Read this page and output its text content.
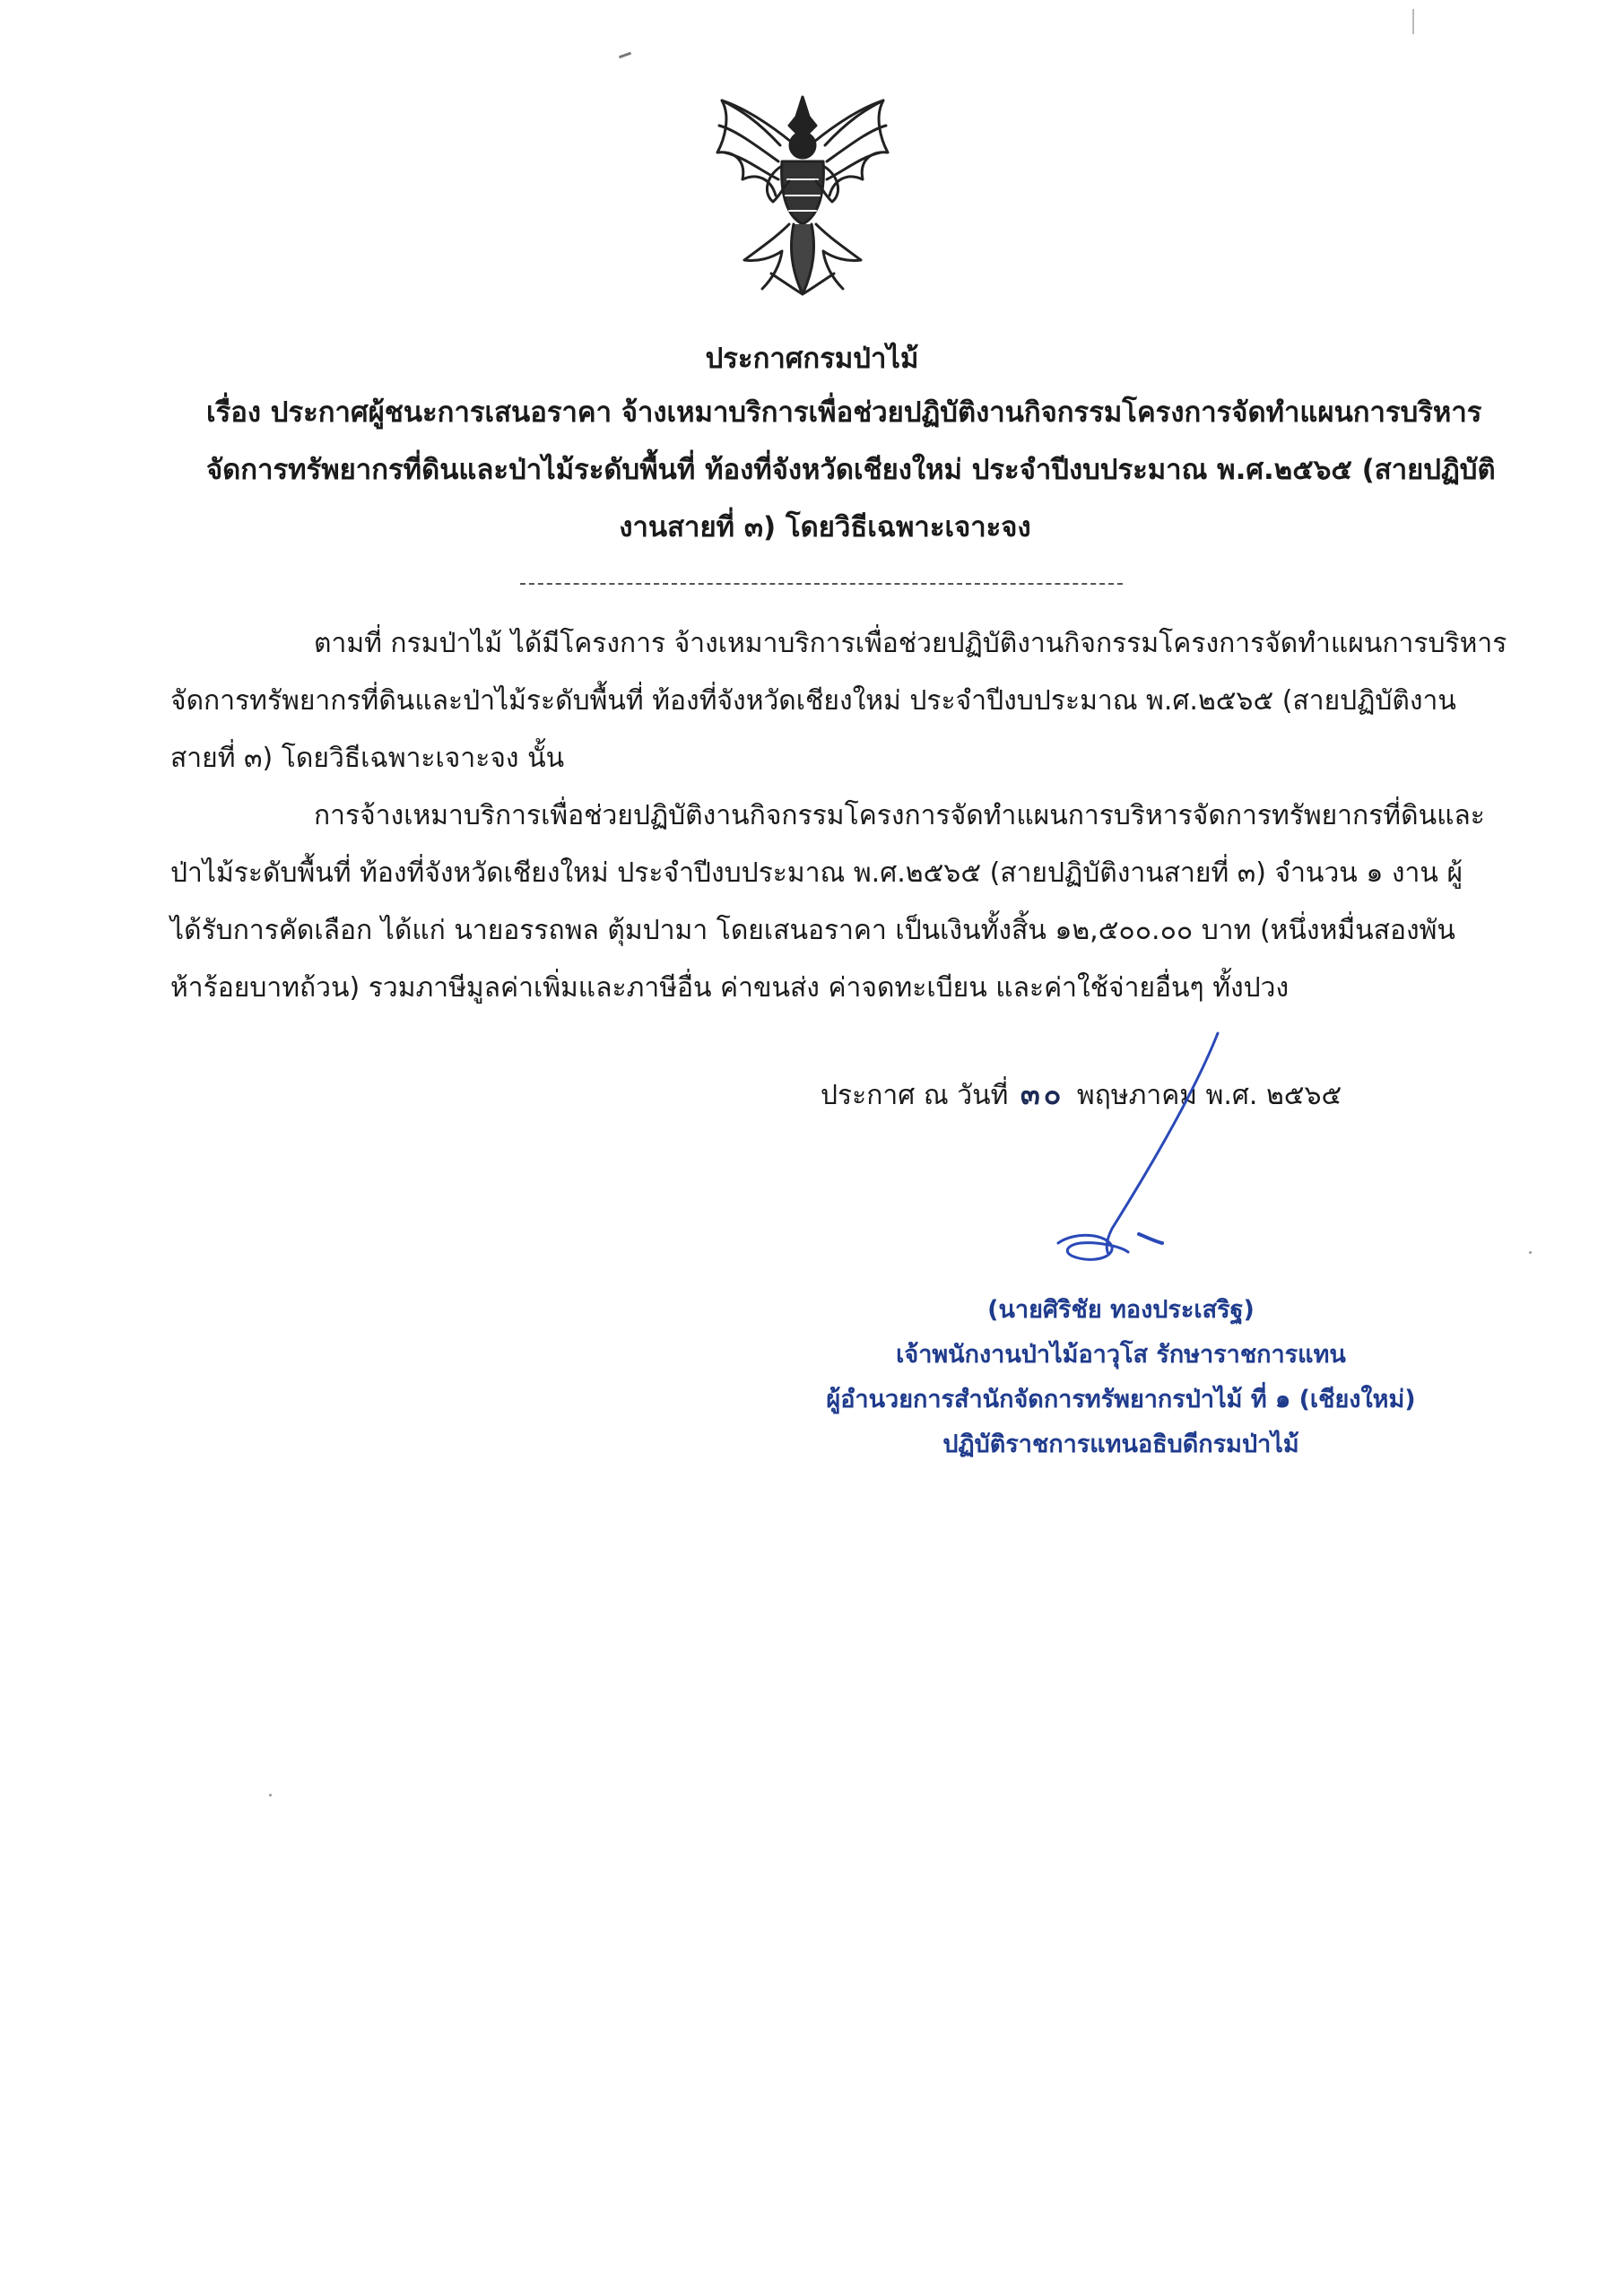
ประกาศกรมป่าไม้
เรื่อง ประกาศผู้ชนะการเสนอราคา จ้างเหมาบริการเพื่อช่วยปฏิบัติงานกิจกรรมโครงการจัดทำแผนการบริหาร
จัดการทรัพยากรที่ดินและป่าไม้ระดับพื้นที่ ท้องที่จังหวัดเชียงใหม่ ประจำปีงบประมาณ พ.ศ.๒๕๖๕ (สายปฏิบัติ
งานสายที่ ๓) โดยวิธีเฉพาะเจาะจง
ตามที่ กรมป่าไม้ ได้มีโครงการ จ้างเหมาบริการเพื่อช่วยปฏิบัติงานกิจกรรมโครงการจัดทำแผนการบริหาร
จัดการทรัพยากรที่ดินและป่าไม้ระดับพื้นที่ ท้องที่จังหวัดเชียงใหม่ ประจำปีงบประมาณ พ.ศ.๒๕๖๕ (สายปฏิบัติงาน
สายที่ ๓) โดยวิธีเฉพาะเจาะจง นั้น
การจ้างเหมาบริการเพื่อช่วยปฏิบัติงานกิจกรรมโครงการจัดทำแผนการบริหารจัดการทรัพยากรที่ดินและ
ป่าไม้ระดับพื้นที่ ท้องที่จังหวัดเชียงใหม่ ประจำปีงบประมาณ พ.ศ.๒๕๖๕ (สายปฏิบัติงานสายที่ ๓) จำนวน ๑ งาน ผู้
ได้รับการคัดเลือก ได้แก่ นายอรรถพล ตุ้มปามา โดยเสนอราคา เป็นเงินทั้งสิ้น ๑๒,๕๐๐.๐๐ บาท (หนึ่งหมื่นสองพัน
ห้าร้อยบาทถ้วน) รวมภาษีมูลค่าเพิ่มและภาษีอื่น ค่าขนส่ง ค่าจดทะเบียน และค่าใช้จ่ายอื่นๆ ทั้งปวง
ประกาศ ณ วันที่ ๓๐ พฤษภาคม พ.ศ. ๒๕๖๕
(นายศิริชัย ทองประเสริฐ)
เจ้าพนักงานป่าไม้อาวุโส รักษาราชการแทน
ผู้อำนวยการสำนักจัดการทรัพยากรป่าไม้ ที่ ๑ (เชียงใหม่)
ปฏิบัติราชการแทนอธิบดีกรมป่าไม้
